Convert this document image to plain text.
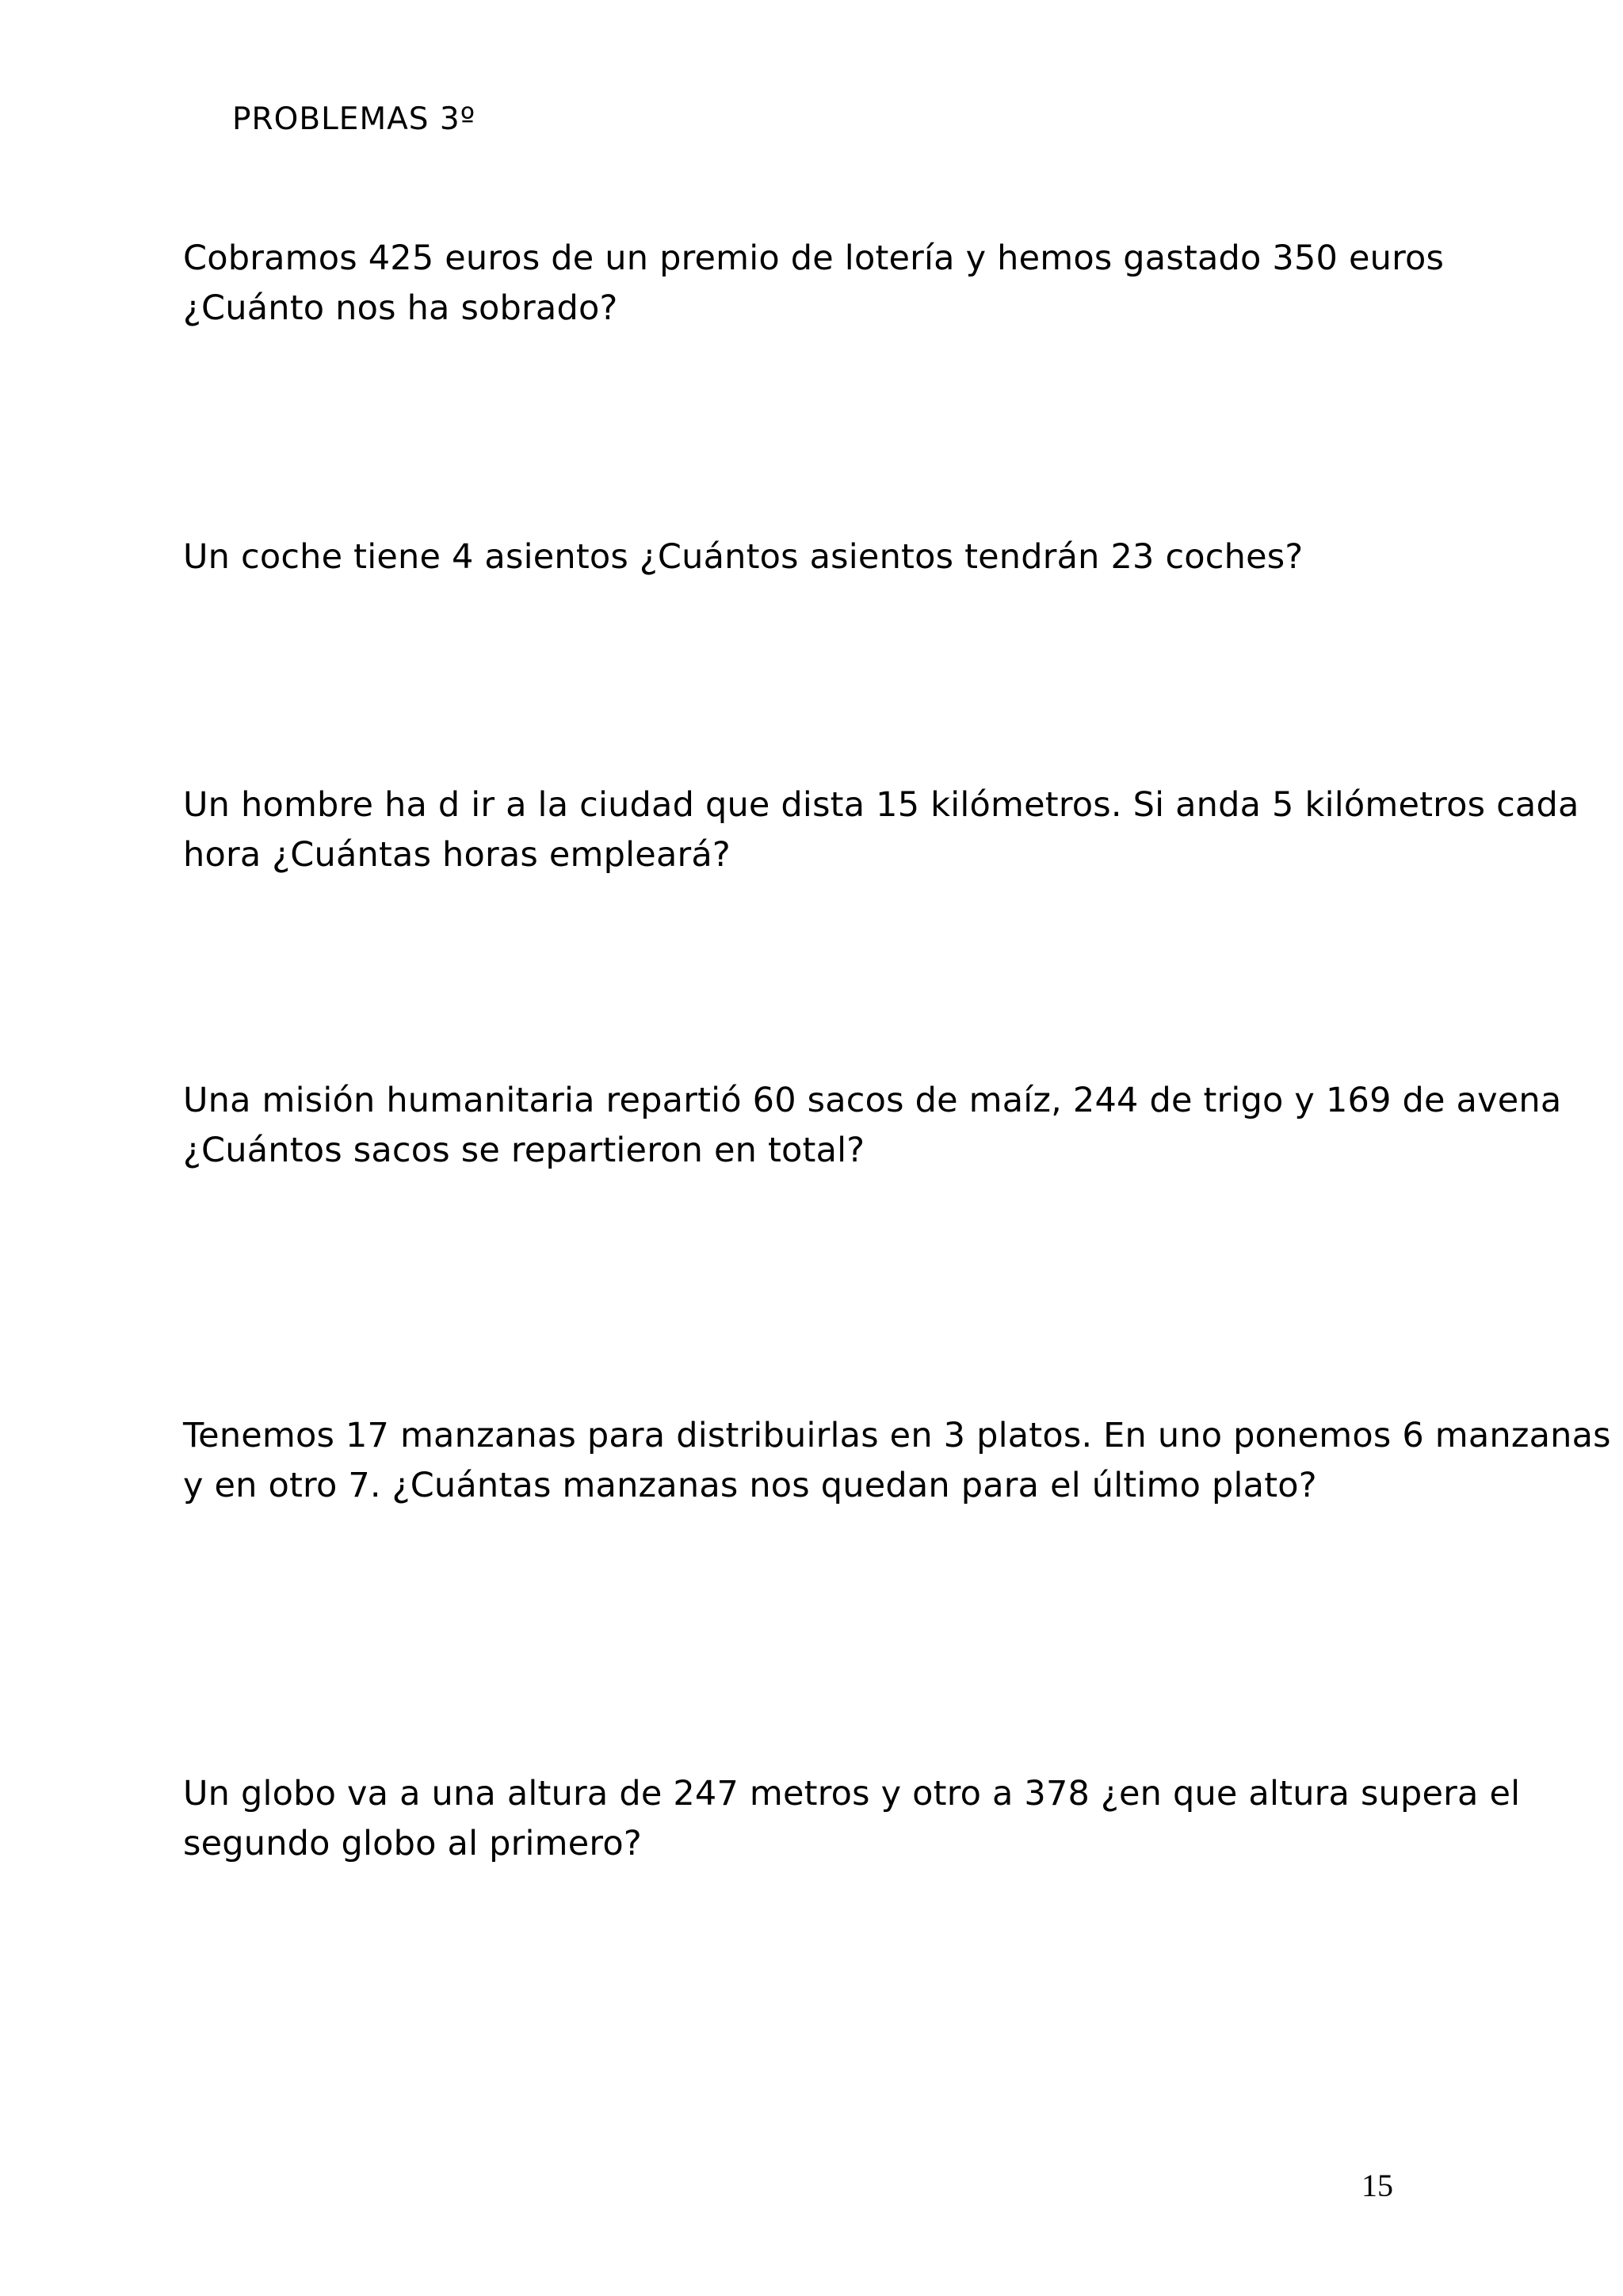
PROBLEMAS 3º
Cobramos 425 euros de un premio de lotería y hemos gastado 350 euros
¿Cuánto nos ha sobrado?
Un coche tiene 4 asientos ¿Cuántos asientos tendrán 23 coches?
Un hombre ha d ir a la ciudad que dista 15 kilómetros. Si anda 5 kilómetros cada
hora ¿Cuántas horas empleará?
Una misión humanitaria repartió 60 sacos de maíz, 244 de trigo y 169 de avena
¿Cuántos sacos se repartieron en total?
Tenemos 17 manzanas para distribuirlas en 3 platos. En uno ponemos 6 manzanas
y en otro 7. ¿Cuántas manzanas nos quedan para el último plato?
Un globo va a una altura de 247 metros y otro a 378 ¿en que altura supera el
segundo globo al primero?
15
